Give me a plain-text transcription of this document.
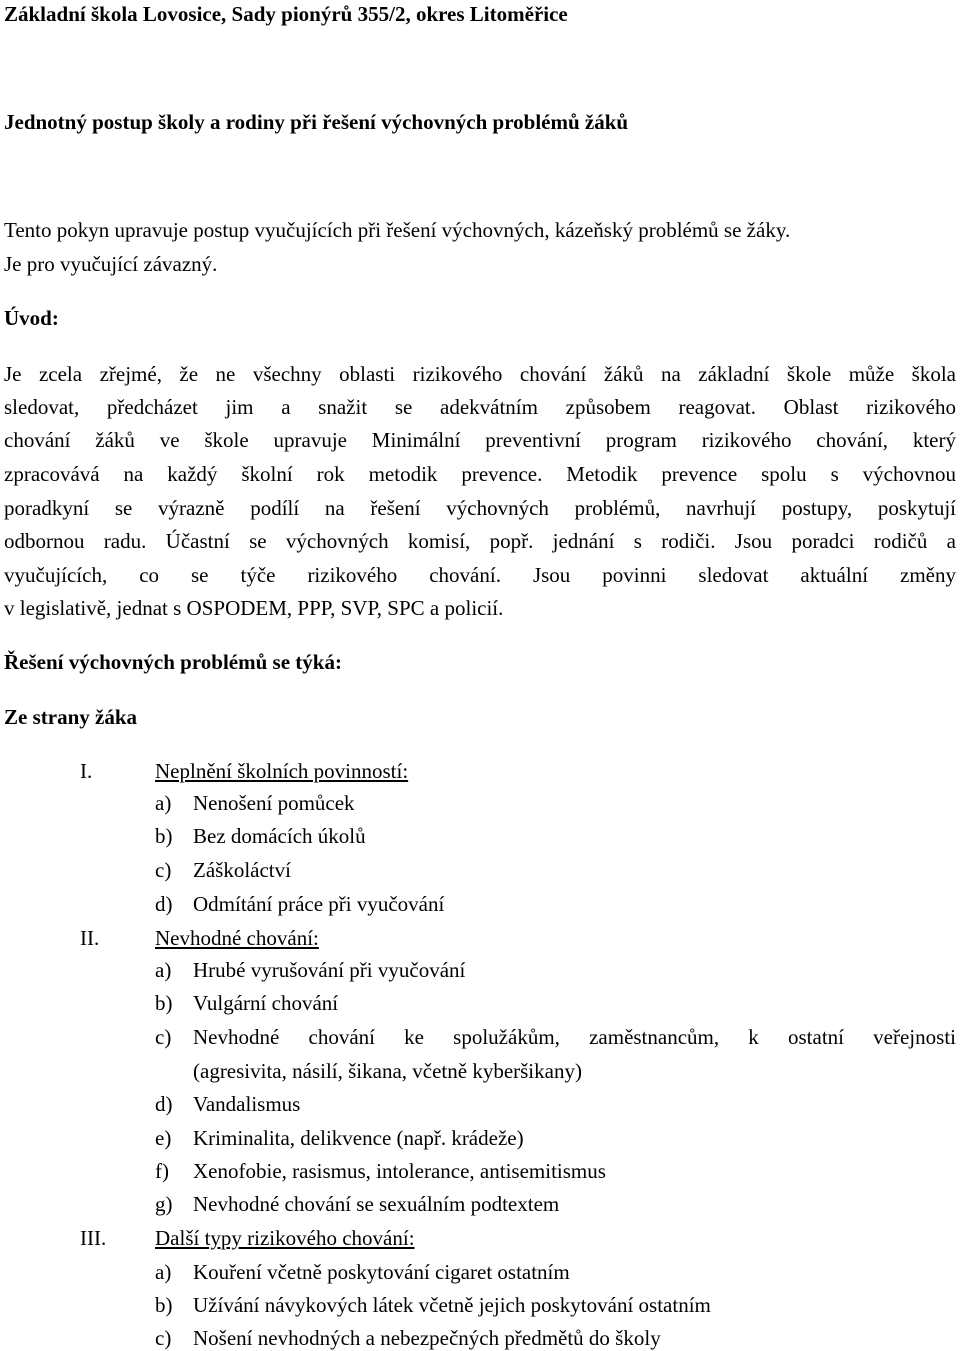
Základní škola Lovosice, Sady pionýrů 355/2, okres Litoměřice
Jednotný postup školy a rodiny při řešení výchovných problémů žáků
Tento pokyn upravuje postup vyučujících při řešení výchovných, kázeňský problémů se žáky.
Je pro vyučující závazný.
Úvod:
Je zcela zřejmé, že ne všechny oblasti rizikového chování žáků na základní škole může škola
sledovat, předcházet jim a snažit se adekvátním způsobem reagovat. Oblast rizikového
chování žáků ve škole upravuje Minimální preventivní program rizikového chování, který
zpracovává na každý školní rok metodik prevence. Metodik prevence spolu s výchovnou
poradkyní se výrazně podílí na řešení výchovných problémů, navrhují postupy, poskytují
odbornou radu. Účastní se výchovných komisí, popř. jednání s rodiči. Jsou poradci rodičů a
vyučujících, co se týče rizikového chování. Jsou povinni sledovat aktuální změny
v legislativě, jednat s OSPODEM, PPP, SVP, SPC a policií.
Řešení výchovných problémů se týká:
Ze strany žáka
I.	Neplnění školních povinností:
a) Nenošení pomůcek
b) Bez domácích úkolů
c) Záškoláctví
d) Odmítání práce při vyučování
II.	Nevhodné chování:
a) Hrubé vyrušování při vyučování
b) Vulgární chování
c) Nevhodné chování ke spolužákům, zaměstnancům, k ostatní veřejnosti
(agresivita, násilí, šikana, včetně kyberšikany)
d) Vandalismus
e) Kriminalita, delikvence (např. krádeže)
f) Xenofobie, rasismus, intolerance, antisemitismus
g) Nevhodné chování se sexuálním podtextem
III. Další typy rizikového chování:
a) Kouření včetně poskytování cigaret ostatním
b) Užívání návykových látek včetně jejich poskytování ostatním
c) Nošení nevhodných a nebezpečných předmětů do školy
